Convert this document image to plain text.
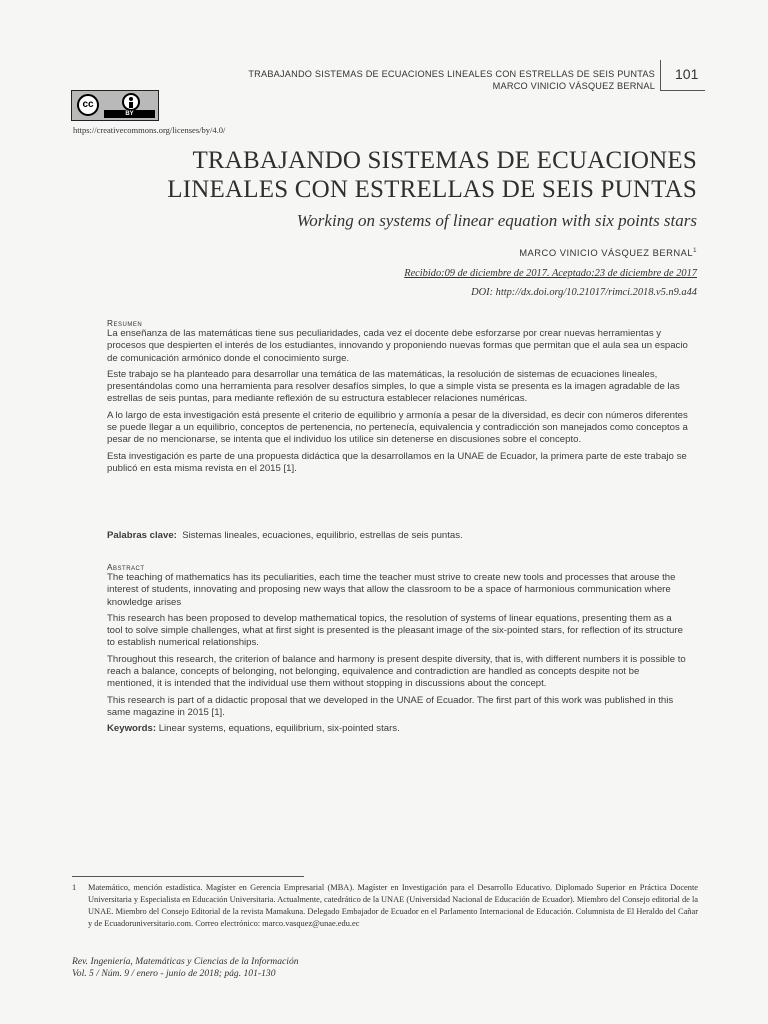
TRABAJANDO SISTEMAS DE ECUACIONES LINEALES CON ESTRELLAS DE SEIS PUNTAS
MARCO VINICIO VÁSQUEZ BERNAL
101
cc
BY
https://creativecommons.org/licenses/by/4.0/
TRABAJANDO SISTEMAS DE ECUACIONES
LINEALES CON ESTRELLAS DE SEIS PUNTAS
Working on systems of linear equation with six points stars
MARCO VINICIO VÁSQUEZ BERNAL$^1$
Recibido:09 de diciembre de 2017. Aceptado:23 de diciembre de 2017
DOI: http://dx.doi.org/10.21017/rimci.2018.v5.n9.a44

Resumen

La enseñanza de las matemáticas tiene sus peculiaridades, cada vez el docente debe esforzarse por crear nuevas herramientas y procesos que despierten el interés de los estudiantes, innovando y proponiendo nuevas formas que permitan que el aula sea un espacio de comunicación armónico donde el conocimiento surge.

Este trabajo se ha planteado para desarrollar una temática de las matemáticas, la resolución de sistemas de ecuaciones lineales, presentándolas como una herramienta para resolver desafíos simples, lo que a simple vista se presenta es la imagen agradable de las estrellas de seis puntas, para mediante reflexión de su estructura establecer relaciones numéricas.

A lo largo de esta investigación está presente el criterio de equilibrio y armonía a pesar de la diversidad, es decir con números diferentes se puede llegar a un equilibrio, conceptos de pertenencia, no pertenecía, equivalencia y contradicción son manejados como conceptos a pesar de no mencionarse, se intenta que el individuo los utilice sin detenerse en discusiones sobre el concepto.

Esta investigación es parte de una propuesta didáctica que la desarrollamos en la UNAE de Ecuador, la primera parte de este trabajo se publicó en esta misma revista en el 2015 [1].

Palabras clave: Sistemas lineales, ecuaciones, equilibrio, estrellas de seis puntas.

Abstract

The teaching of mathematics has its peculiarities, each time the teacher must strive to create new tools and processes that arouse the interest of students, innovating and proposing new ways that allow the classroom to be a space of harmonious communication where knowledge arises

This research has been proposed to develop mathematical topics, the resolution of systems of linear equations, presenting them as a tool to solve simple challenges, what at first sight is presented is the pleasant image of the six-pointed stars, for reflection of its structure to establish numerical relationships.

Throughout this research, the criterion of balance and harmony is present despite diversity, that is, with different numbers it is possible to reach a balance, concepts of belonging, not belonging, equivalence and contradiction are handled as concepts despite not be mentioned, it is intended that the individual use them without stopping in discussions about the concept.

This research is part of a didactic proposal that we developed in the UNAE of Ecuador. The first part of this work was published in this same magazine in 2015 [1].

Keywords: Linear systems, equations, equilibrium, six-pointed stars.

1 Matemático, mención estadística. Magíster en Gerencia Empresarial (MBA). Magíster en Investigación para el Desarrollo Educativo. Diplomado Superior en Práctica Docente Universitaria y Especialista en Educación Universitaria. Actualmente, catedrático de la UNAE (Universidad Nacional de Educación de Ecuador). Miembro del Consejo editorial de la UNAE. Miembro del Consejo Editorial de la revista Mamakuna. Delegado Embajador de Ecuador en el Parlamento Internacional de Educación. Columnista de El Heraldo del Cañar y de Ecuadoruniversitario.com. Correo electrónico: marco.vasquez@unae.edu.ec
Rev. Ingeniería, Matemáticas y Ciencias de la Información
Vol. 5 / Núm. 9 / enero - junio de 2018; pág. 101-130
